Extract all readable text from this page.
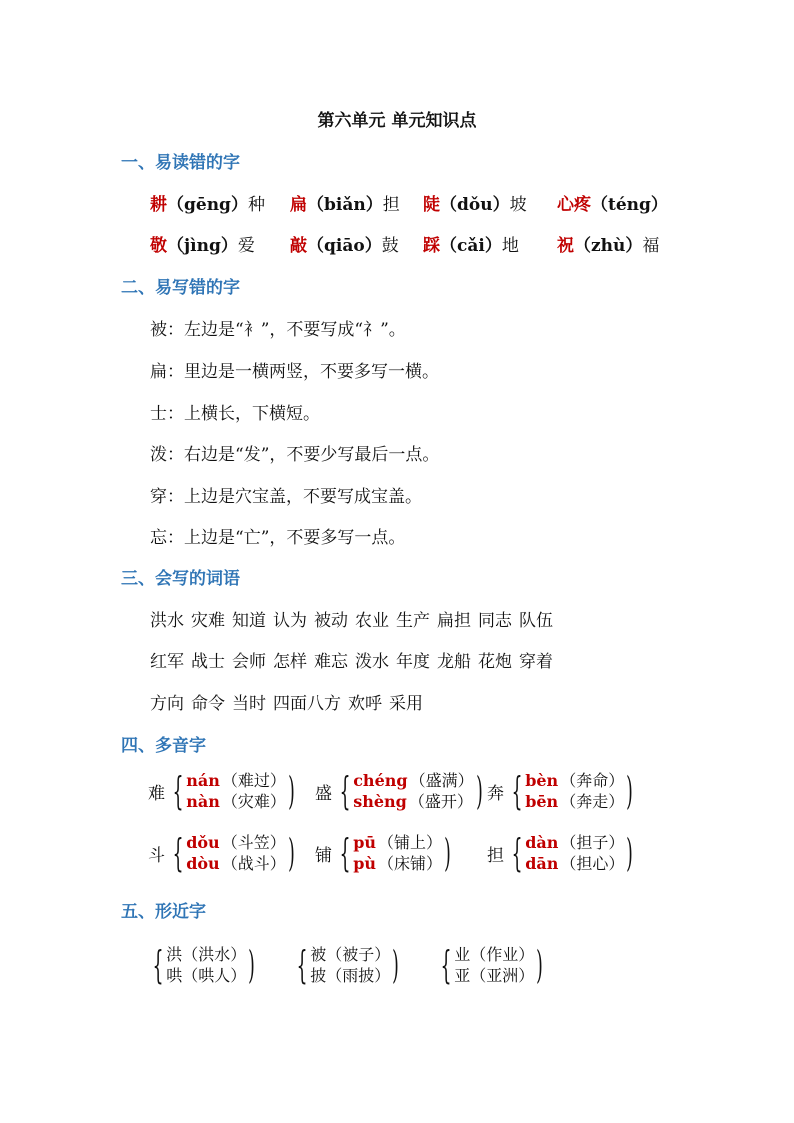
第六单元 单元知识点
一、易读错的字
耕（gēng）种 扁（biǎn）担 陡（dǒu）坡 心疼（téng）
敬（jìng）爱 敲（qiāo）鼓 踩（cǎi）地 祝（zhù）福
二、易写错的字
被：左边是“衤”，不要写成“礻”。
扁：里边是一横两竖，不要多写一横。
士：上横长，下横短。
泼：右边是“发”，不要少写最后一点。
穿：上边是穴宝盖，不要写成宝盖。
忘：上边是“亡”，不要多写一点。
三、会写的词语
洪水 灾难 知道 认为 被动 农业 生产 扁担 同志 队伍
红军 战士 会师 怎样 难忘 泼水 年度 龙船 花炮 穿着
方向 命令 当时 四面八方 欢呼 采用
四、多音字
难 { nán （难过）
nàn （灾难） ) 盛 { chéng （盛满）
shèng （盛开） ) 奔 { bèn （奔命）
bēn （奔走） )
斗 { dǒu （斗笠）
dòu （战斗） ) 铺 { pū （铺上）
pù （床铺） ) 担 { dàn （担子）
dān （担心） )
五、形近字
{ 洪（洪水）
哄（哄人） ) { 被（被子）
披（雨披） ) { 业（作业）
亚（亚洲） )
